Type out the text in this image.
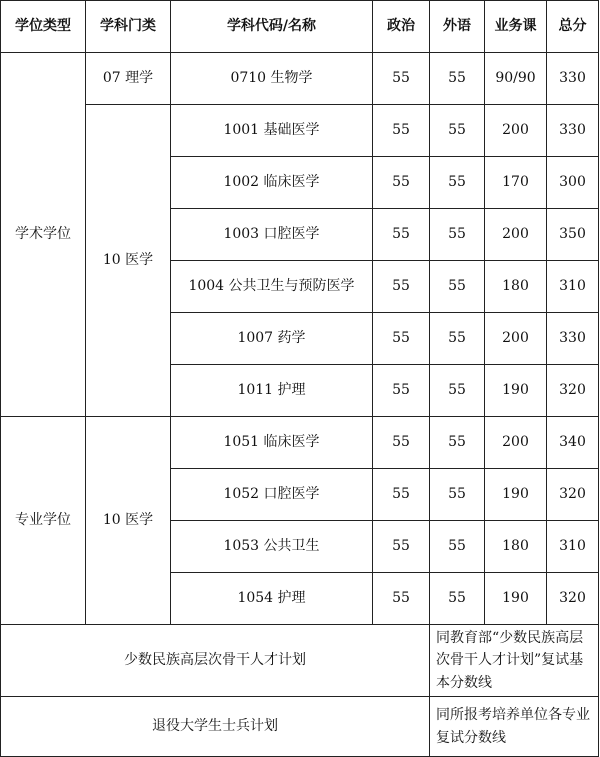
学位类型	学科门类	学科代码/名称	政治	外语	业务课	总分
学术学位	07 理学	0710 生物学	55	55	90/90	330
	10 医学	1001 基础医学	55	55	200	330
		1002 临床医学	55	55	170	300
		1003 口腔医学	55	55	200	350
		1004 公共卫生与预防医学	55	55	180	310
		1007 药学	55	55	200	330
		1011 护理	55	55	190	320
专业学位	10 医学	1051 临床医学	55	55	200	340
		1052 口腔医学	55	55	190	320
		1053 公共卫生	55	55	180	310
		1054 护理	55	55	190	320
少数民族高层次骨干人才计划				同教育部“少数民族高层次骨干人才计划”复试基本分数线		
退役大学生士兵计划				同所报考培养单位各专业复试分数线		
